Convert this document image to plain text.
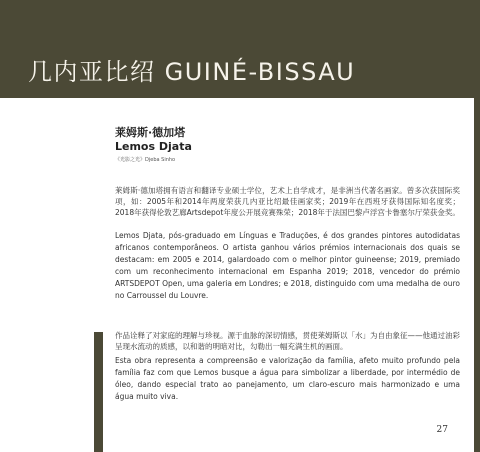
几内亚比绍 GUINÉ-BISSAU

莱姆斯·德加塔

Lemos Djata

《光影之光》Djeba Sinho

莱姆斯·德加塔拥有语言和翻译专业硕士学位，艺术上自学成才，是非洲当代著名画家。曾多次获国际奖项，如：2005年和2014年两度荣获几内亚比绍最佳画家奖；2019年在西班牙获得国际知名度奖；2018年获得伦敦艺廊Artsdepot年度公开展竞赛殊荣；2018年于法国巴黎卢浮宫卡鲁塞尔厅荣获金奖。

Lemos Djata, pós-graduado em Línguas e Traduções, é dos grandes pintores autodidatas africanos contemporâneos. O artista ganhou vários prémios internacionais dos quais se destacam: em 2005 e 2014, galardoado com o melhor pintor guineense; 2019, premiado com um reconhecimento internacional em Espanha 2019; 2018, vencedor do prémio ARTSDEPOT Open, uma galeria em Londres; e 2018, distinguido com uma medalha de ouro no Carroussel du Louvre.

作品诠释了对家庭的理解与珍视。源于血脉的深切情感，贯使莱姆斯以「水」为自由象征——他通过油彩呈现水流动的质感，以和谐的明暗对比，勾勒出一幅充满生机的画面。

Esta obra representa a compreensão e valorização da família, afeto muito profundo pela família faz com que Lemos busque a água para simbolizar a liberdade, por intermédio de óleo, dando especial trato ao panejamento, um claro-escuro mais harmonizado e uma água muito viva.

27
